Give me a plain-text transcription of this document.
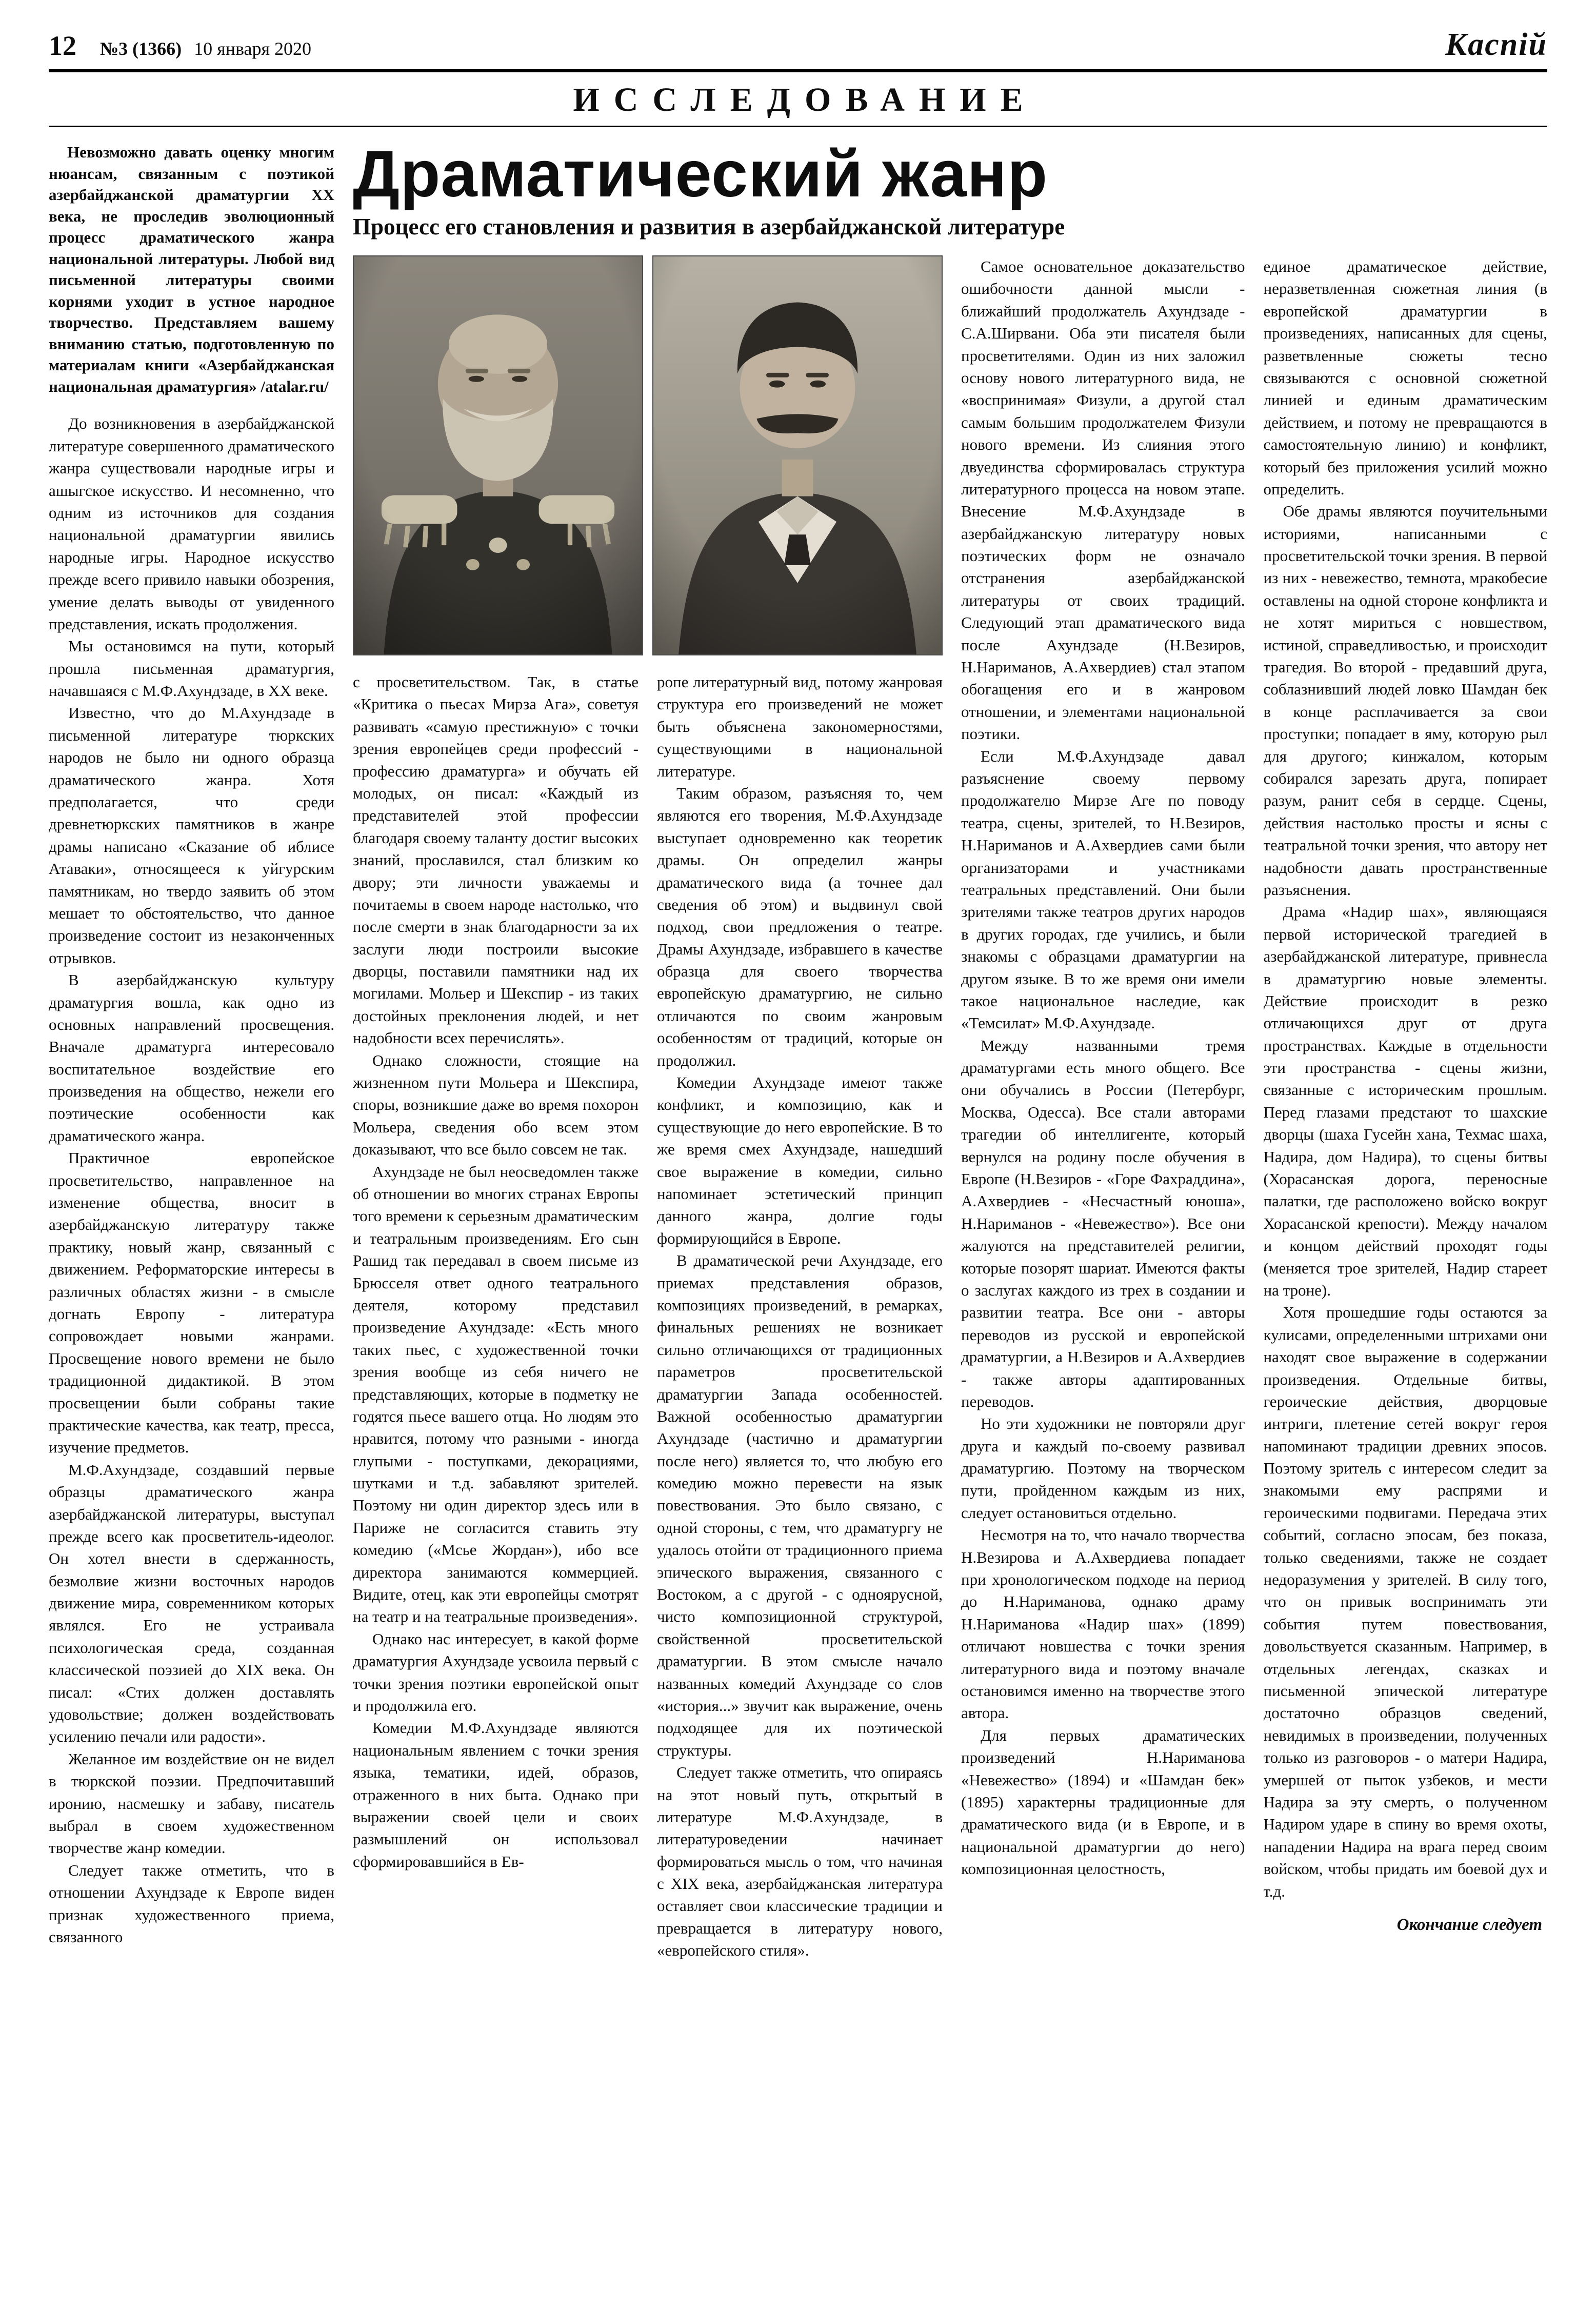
12 №3 (1366) 10 января 2020	Каспій
ИССЛЕДОВАНИЕ
Невозможно давать оценку многим нюансам, связанным с поэтикой азербайджанской драматургии XX века, не проследив эволюционный процесс драматического жанра национальной литературы. Любой вид письменной литературы своими корнями уходит в устное народное творчество. Представляем вашему вниманию статью, подготовленную по материалам книги «Азербайджанская национальная драматургия» /atalar.ru/

До возникновения в азербайджанской литературе совершенного драматического жанра существовали народные игры и ашыгское искусство. И несомненно, что одним из источников для создания национальной драматургии явились народные игры. Народное искусство прежде всего привило навыки обозрения, умение делать выводы от увиденного представления, искать продолжения.

Мы остановимся на пути, который прошла письменная драматургия, начавшаяся с М.Ф.Ахундзаде, в XX веке.

Известно, что до М.Ахундзаде в письменной литературе тюркских народов не было ни одного образца драматического жанра. Хотя предполагается, что среди древнетюркских памятников в жанре драмы написано «Сказание об иблисе Атаваки», относящееся к уйгурским памятникам, но твердо заявить об этом мешает то обстоятельство, что данное произведение состоит из незаконченных отрывков.

В азербайджанскую культуру драматургия вошла, как одно из основных направлений просвещения. Вначале драматурга интересовало воспитательное воздействие его произведения на общество, нежели его поэтические особенности как драматического жанра.

Практичное европейское просветительство, направленное на изменение общества, вносит в азербайджанскую литературу также практику, новый жанр, связанный с движением. Реформаторские интересы в различных областях жизни - в смысле догнать Европу - литература сопровождает новыми жанрами. Просвещение нового времени не было традиционной дидактикой. В этом просвещении были собраны такие практические качества, как театр, пресса, изучение предметов.

М.Ф.Ахундзаде, создавший первые образцы драматического жанра азербайджанской литературы, выступал прежде всего как просветитель-идеолог. Он хотел внести в сдержанность, безмолвие жизни восточных народов движение мира, современником которых являлся. Его не устраивала психологическая среда, созданная классической поэзией до XIX века. Он писал: «Стих должен доставлять удовольствие; должен воздействовать усилению печали или радости».

Желанное им воздействие он не видел в тюркской поэзии. Предпочитавший иронию, насмешку и забаву, писатель выбрал в своем художественном творчестве жанр комедии.

Следует также отметить, что в отношении Ахундзаде к Европе виден признак художественного приема, связанного

Драматический жанр
Процесс его становления и развития в азербайджанской литературе

с просветительством. Так, в статье «Критика о пьесах Мирза Ага», советуя развивать «самую престижную» с точки зрения европейцев среди профессий - профессию драматурга» и обучать ей молодых, он писал: «Каждый из представителей этой профессии благодаря своему таланту достиг высоких знаний, прославился, стал близким ко двору; эти личности уважаемы и почитаемы в своем народе настолько, что после смерти в знак благодарности за их заслуги люди построили высокие дворцы, поставили памятники над их могилами. Мольер и Шекспир - из таких достойных преклонения людей, и нет надобности всех перечислять».

Однако сложности, стоящие на жизненном пути Мольера и Шекспира, споры, возникшие даже во время похорон Мольера, сведения обо всем этом доказывают, что все было совсем не так.

Ахундзаде не был неосведомлен также об отношении во многих странах Европы того времени к серьезным драматическим и театральным произведениям. Его сын Рашид так передавал в своем письме из Брюсселя ответ одного театрального деятеля, которому представил произведение Ахундзаде: «Есть много таких пьес, с художественной точки зрения вообще из себя ничего не представляющих, которые в подметку не годятся пьесе вашего отца. Но людям это нравится, потому что разными - иногда глупыми - поступками, декорациями, шутками и т.д. забавляют зрителей. Поэтому ни один директор здесь или в Париже не согласится ставить эту комедию («Мсье Жордан»), ибо все директора занимаются коммерцией. Видите, отец, как эти европейцы смотрят на театр и на театральные произведения».

Однако нас интересует, в какой форме драматургия Ахундзаде усвоила первый с точки зрения поэтики европейской опыт и продолжила его.

Комедии М.Ф.Ахундзаде являются национальным явлением с точки зрения языка, тематики, идей, образов, отраженного в них быта. Однако при выражении своей цели и своих размышлений он использовал сформировавшийся в Ев-

ропе литературный вид, потому жанровая структура его произведений не может быть объяснена закономерностями, существующими в национальной литературе.

Таким образом, разъясняя то, чем являются его творения, М.Ф.Ахундзаде выступает одновременно как теоретик драмы. Он определил жанры драматического вида (а точнее дал сведения об этом) и выдвинул свой подход, свои предложения о театре. Драмы Ахундзаде, избравшего в качестве образца для своего творчества европейскую драматургию, не сильно отличаются по своим жанровым особенностям от традиций, которые он продолжил.

Комедии Ахундзаде имеют также конфликт, и композицию, как и существующие до него европейские. В то же время смех Ахундзаде, нашедший свое выражение в комедии, сильно напоминает эстетический принцип данного жанра, долгие годы формирующийся в Европе.

В драматической речи Ахундзаде, его приемах представления образов, композициях произведений, в ремарках, финальных решениях не возникает сильно отличающихся от традиционных параметров просветительской драматургии Запада особенностей. Важной особенностью драматургии Ахундзаде (частично и драматургии после него) является то, что любую его комедию можно перевести на язык повествования. Это было связано, с одной стороны, с тем, что драматургу не удалось отойти от традиционного приема эпического выражения, связанного с Востоком, а с другой - с одноярусной, чисто композиционной структурой, свойственной просветительской драматургии. В этом смысле начало названных комедий Ахундзаде со слов «история...» звучит как выражение, очень подходящее для их поэтической структуры.

Следует также отметить, что опираясь на этот новый путь, открытый в литературе М.Ф.Ахундзаде, в литературоведении начинает формироваться мысль о том, что начиная с XIX века, азербайджанская литература оставляет свои классические традиции и превращается в литературу нового, «европейского стиля».

Самое основательное доказательство ошибочности данной мысли - ближайший продолжатель Ахундзаде - С.А.Ширвани. Оба эти писателя были просветителями. Один из них заложил основу нового литературного вида, не «воспринимая» Физули, а другой стал самым большим продолжателем Физули нового времени. Из слияния этого двуединства сформировалась структура литературного процесса на новом этапе. Внесение М.Ф.Ахундзаде в азербайджанскую литературу новых поэтических форм не означало отстранения азербайджанской литературы от своих традиций. Следующий этап драматического вида после Ахундзаде (Н.Везиров, Н.Нариманов, А.Ахвердиев) стал этапом обогащения его и в жанровом отношении, и элементами национальной поэтики.

Если М.Ф.Ахундзаде давал разъяснение своему первому продолжателю Мирзе Аге по поводу театра, сцены, зрителей, то Н.Везиров, Н.Нариманов и А.Ахвердиев сами были организаторами и участниками театральных представлений. Они были зрителями также театров других народов в других городах, где учились, и были знакомы с образцами драматургии на другом языке. В то же время они имели такое национальное наследие, как «Темсилат» М.Ф.Ахундзаде.

Между названными тремя драматургами есть много общего. Все они обучались в России (Петербург, Москва, Одесса). Все стали авторами трагедии об интеллигенте, который вернулся на родину после обучения в Европе (Н.Везиров - «Горе Фахраддина», А.Ахвердиев - «Несчастный юноша», Н.Нариманов - «Невежество»). Все они жалуются на представителей религии, которые позорят шариат. Имеются факты о заслугах каждого из трех в создании и развитии театра. Все они - авторы переводов из русской и европейской драматургии, а Н.Везиров и А.Ахвердиев - также авторы адаптированных переводов.

Но эти художники не повторяли друг друга и каждый по-своему развивал драматургию. Поэтому на творческом пути, пройденном каждым из них, следует остановиться отдельно.

Несмотря на то, что начало творчества Н.Везирова и А.Ахвердиева попадает при хронологическом подходе на период до Н.Нариманова, однако драму Н.Нариманова «Надир шах» (1899) отличают новшества с точки зрения литературного вида и поэтому вначале остановимся именно на творчестве этого автора.

Для первых драматических произведений Н.Нариманова «Невежество» (1894) и «Шамдан бек» (1895) характерны традиционные для драматического вида (и в Европе, и в национальной драматургии до него) композиционная целостность,

единое драматическое действие, неразветвленная сюжетная линия (в европейской драматургии в произведениях, написанных для сцены, разветвленные сюжеты тесно связываются с основной сюжетной линией и единым драматическим действием, и потому не превращаются в самостоятельную линию) и конфликт, который без приложения усилий можно определить.

Обе драмы являются поучительными историями, написанными с просветительской точки зрения. В первой из них - невежество, темнота, мракобесие оставлены на одной стороне конфликта и не хотят мириться с новшеством, истиной, справедливостью, и происходит трагедия. Во второй - предавший друга, соблазнивший людей ловко Шамдан бек в конце расплачивается за свои проступки; попадает в яму, которую рыл для другого; кинжалом, которым собирался зарезать друга, попирает разум, ранит себя в сердце. Сцены, действия настолько просты и ясны с театральной точки зрения, что автору нет надобности давать пространственные разъяснения.

Драма «Надир шах», являющаяся первой исторической трагедией в азербайджанской литературе, привнесла в драматургию новые элементы. Действие происходит в резко отличающихся друг от друга пространствах. Каждые в отдельности эти пространства - сцены жизни, связанные с историческим прошлым. Перед глазами предстают то шахские дворцы (шаха Гусейн хана, Техмас шаха, Надира, дом Надира), то сцены битвы (Хорасанская дорога, переносные палатки, где расположено войско вокруг Хорасанской крепости). Между началом и концом действий проходят годы (меняется трое зрителей, Надир стареет на троне).

Хотя прошедшие годы остаются за кулисами, определенными штрихами они находят свое выражение в содержании произведения. Отдельные битвы, героические действия, дворцовые интриги, плетение сетей вокруг героя напоминают традиции древних эпосов. Поэтому зритель с интересом следит за знакомыми ему распрями и героическими подвигами. Передача этих событий, согласно эпосам, без показа, только сведениями, также не создает недоразумения у зрителей. В силу того, что он привык воспринимать эти события путем повествования, довольствуется сказанным. Например, в отдельных легендах, сказках и письменной эпической литературе достаточно образцов сведений, невидимых в произведении, полученных только из разговоров - о матери Надира, умершей от пыток узбеков, и мести Надира за эту смерть, о полученном Надиром ударе в спину во время охоты, нападении Надира на врага перед своим войском, чтобы придать им боевой дух и т.д.

Окончание следует
